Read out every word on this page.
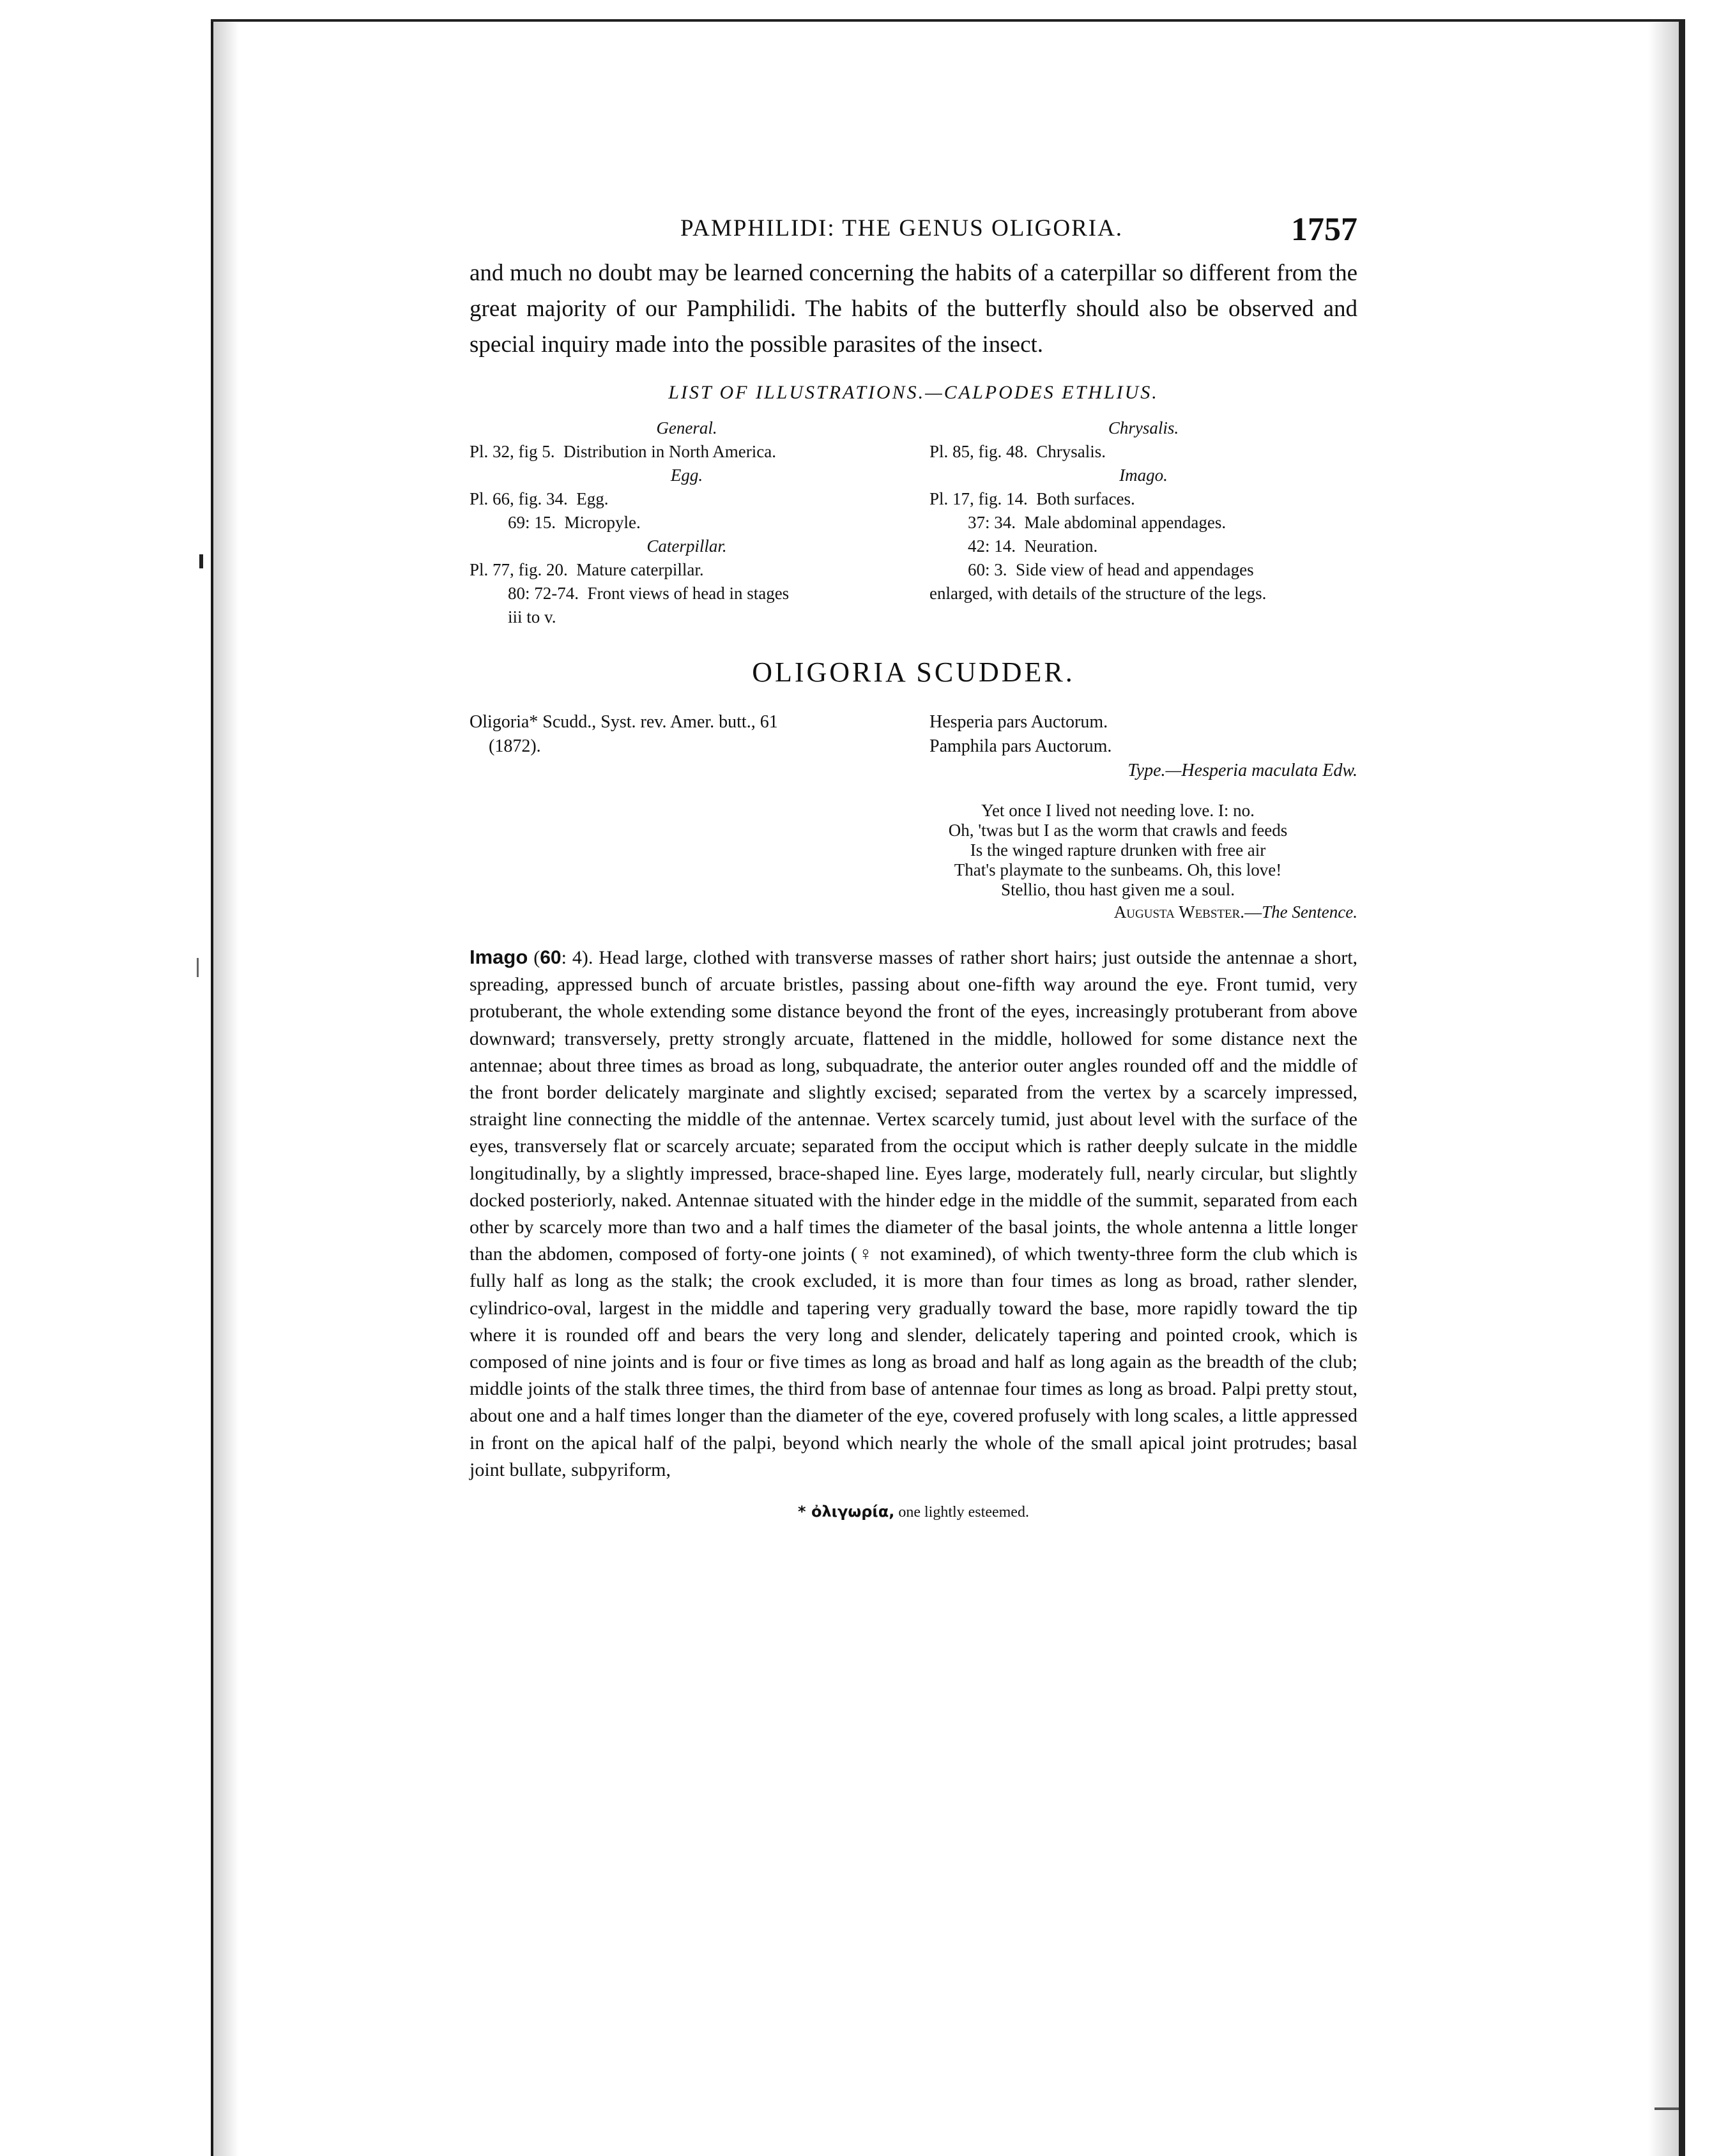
PAMPHILIDI: THE GENUS OLIGORIA.	1757

and much no doubt may be learned concerning the habits of a caterpillar so different from the great majority of our Pamphilidi. The habits of the butterfly should also be observed and special inquiry made into the possible parasites of the insect.

LIST OF ILLUSTRATIONS.—CALPODES ETHLIUS.
General.
Pl. 32, fig 5.
Distribution in North America.
Egg.
Pl. 66, fig. 34.
Egg.
69: 15.
Micropyle.
Caterpillar.
Pl. 77, fig. 20.
Mature caterpillar.
80: 72-74.
Front views of head in stages
iii to v.
Chrysalis.
Pl. 85, fig. 48.
Chrysalis.
Imago.
Pl. 17, fig. 14.
Both surfaces.
37: 34.
Male abdominal appendages.
42: 14.
Neuration.
60: 3.
Side view of head and appendages
enlarged, with details of the structure of the legs.
OLIGORIA SCUDDER.
Oligoria* Scudd., Syst. rev. Amer. butt., 61
(1872).
Hesperia pars Auctorum.
Pamphila pars Auctorum.
Type.—Hesperia maculata Edw.
Yet once I lived not needing love. I: no.
Oh, 'twas but I as the worm that crawls and feeds
Is the winged rapture drunken with free air
That's playmate to the sunbeams. Oh, this love!
Stellio, thou hast given me a soul.
Augusta Webster.—The Sentence.

Imago (60: 4). Head large, clothed with transverse masses of rather short hairs; just outside the antennae a short, spreading, appressed bunch of arcuate bristles, passing about one-fifth way around the eye. Front tumid, very protuberant, the whole extending some distance beyond the front of the eyes, increasingly protuberant from above downward; transversely, pretty strongly arcuate, flattened in the middle, hollowed for some distance next the antennae; about three times as broad as long, subquadrate, the anterior outer angles rounded off and the middle of the front border delicately marginate and slightly excised; separated from the vertex by a scarcely impressed, straight line connecting the middle of the antennae. Vertex scarcely tumid, just about level with the surface of the eyes, transversely flat or scarcely arcuate; separated from the occiput which is rather deeply sulcate in the middle longitudinally, by a slightly impressed, brace-shaped line. Eyes large, moderately full, nearly circular, but slightly docked posteriorly, naked. Antennae situated with the hinder edge in the middle of the summit, separated from each other by scarcely more than two and a half times the diameter of the basal joints, the whole antenna a little longer than the abdomen, composed of forty-one joints (♀ not examined), of which twenty-three form the club which is fully half as long as the stalk; the crook excluded, it is more than four times as long as broad, rather slender, cylindrico-oval, largest in the middle and tapering very gradually toward the base, more rapidly toward the tip where it is rounded off and bears the very long and slender, delicately tapering and pointed crook, which is composed of nine joints and is four or five times as long as broad and half as long again as the breadth of the club; middle joints of the stalk three times, the third from base of antennae four times as long as broad. Palpi pretty stout, about one and a half times longer than the diameter of the eye, covered profusely with long scales, a little appressed in front on the apical half of the palpi, beyond which nearly the whole of the small apical joint protrudes; basal joint bullate, subpyriform,

* ὀλιγωρία, one lightly esteemed.
